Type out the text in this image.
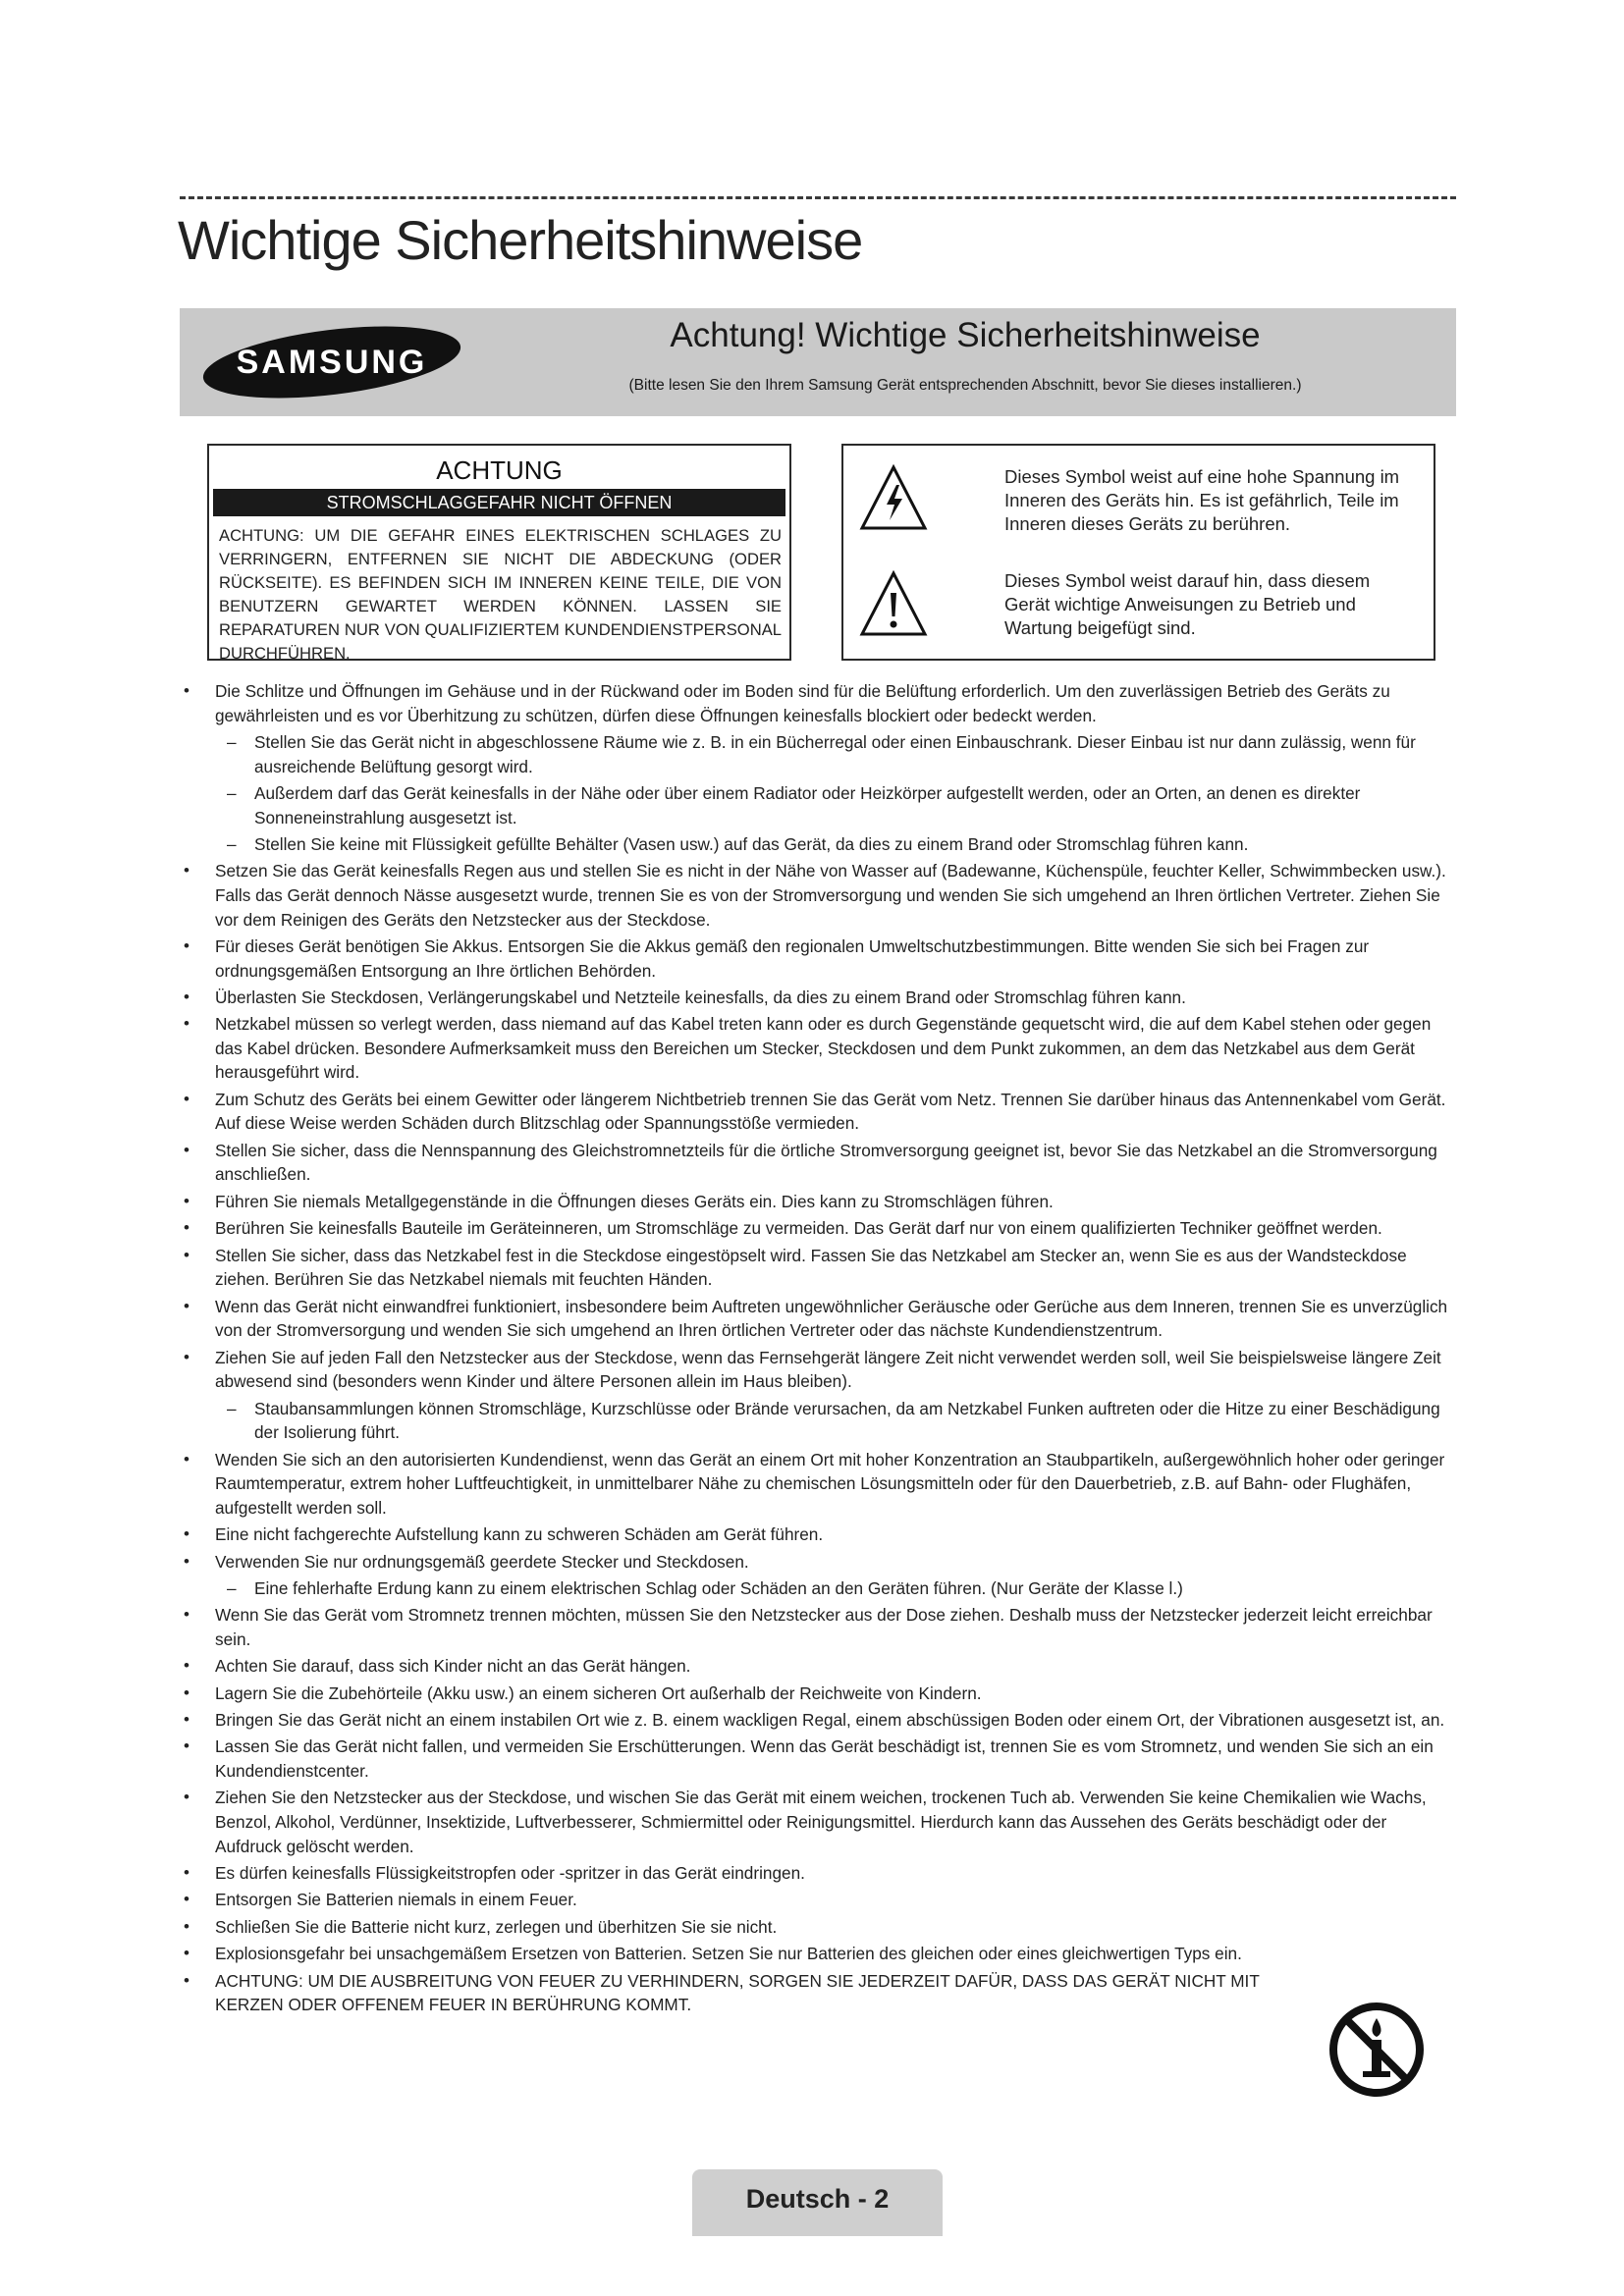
Wichtige Sicherheitshinweise
SAMSUNG
Achtung! Wichtige Sicherheitshinweise
(Bitte lesen Sie den Ihrem Samsung Gerät entsprechenden Abschnitt, bevor Sie dieses installieren.)
ACHTUNG
STROMSCHLAGGEFAHR NICHT ÖFFNEN
ACHTUNG: UM DIE GEFAHR EINES ELEKTRISCHEN SCHLAGES ZU VERRINGERN, ENTFERNEN SIE NICHT DIE ABDECKUNG (ODER RÜCKSEITE). ES BEFINDEN SICH IM INNEREN KEINE TEILE, DIE VON BENUTZERN GEWARTET WERDEN KÖNNEN. LASSEN SIE REPARATUREN NUR VON QUALIFIZIERTEM KUNDENDIENSTPERSONAL DURCHFÜHREN.
Dieses Symbol weist auf eine hohe Spannung im Inneren des Geräts hin. Es ist gefährlich, Teile im Inneren dieses Geräts zu berühren.
Dieses Symbol weist darauf hin, dass diesem Gerät wichtige Anweisungen zu Betrieb und Wartung beigefügt sind.
• Die Schlitze und Öffnungen im Gehäuse und in der Rückwand oder im Boden sind für die Belüftung erforderlich. Um den zuverlässigen Betrieb des Geräts zu gewährleisten und es vor Überhitzung zu schützen, dürfen diese Öffnungen keinesfalls blockiert oder bedeckt werden.
– Stellen Sie das Gerät nicht in abgeschlossene Räume wie z. B. in ein Bücherregal oder einen Einbauschrank. Dieser Einbau ist nur dann zulässig, wenn für ausreichende Belüftung gesorgt wird.
– Außerdem darf das Gerät keinesfalls in der Nähe oder über einem Radiator oder Heizkörper aufgestellt werden, oder an Orten, an denen es direkter Sonneneinstrahlung ausgesetzt ist.
– Stellen Sie keine mit Flüssigkeit gefüllte Behälter (Vasen usw.) auf das Gerät, da dies zu einem Brand oder Stromschlag führen kann.
• Setzen Sie das Gerät keinesfalls Regen aus und stellen Sie es nicht in der Nähe von Wasser auf (Badewanne, Küchenspüle, feuchter Keller, Schwimmbecken usw.). Falls das Gerät dennoch Nässe ausgesetzt wurde, trennen Sie es von der Stromversorgung und wenden Sie sich umgehend an Ihren örtlichen Vertreter. Ziehen Sie vor dem Reinigen des Geräts den Netzstecker aus der Steckdose.
• Für dieses Gerät benötigen Sie Akkus. Entsorgen Sie die Akkus gemäß den regionalen Umweltschutzbestimmungen. Bitte wenden Sie sich bei Fragen zur ordnungsgemäßen Entsorgung an Ihre örtlichen Behörden.
• Überlasten Sie Steckdosen, Verlängerungskabel und Netzteile keinesfalls, da dies zu einem Brand oder Stromschlag führen kann.
• Netzkabel müssen so verlegt werden, dass niemand auf das Kabel treten kann oder es durch Gegenstände gequetscht wird, die auf dem Kabel stehen oder gegen das Kabel drücken. Besondere Aufmerksamkeit muss den Bereichen um Stecker, Steckdosen und dem Punkt zukommen, an dem das Netzkabel aus dem Gerät herausgeführt wird.
• Zum Schutz des Geräts bei einem Gewitter oder längerem Nichtbetrieb trennen Sie das Gerät vom Netz. Trennen Sie darüber hinaus das Antennenkabel vom Gerät. Auf diese Weise werden Schäden durch Blitzschlag oder Spannungsstöße vermieden.
• Stellen Sie sicher, dass die Nennspannung des Gleichstromnetzteils für die örtliche Stromversorgung geeignet ist, bevor Sie das Netzkabel an die Stromversorgung anschließen.
• Führen Sie niemals Metallgegenstände in die Öffnungen dieses Geräts ein. Dies kann zu Stromschlägen führen.
• Berühren Sie keinesfalls Bauteile im Geräteinneren, um Stromschläge zu vermeiden. Das Gerät darf nur von einem qualifizierten Techniker geöffnet werden.
• Stellen Sie sicher, dass das Netzkabel fest in die Steckdose eingestöpselt wird. Fassen Sie das Netzkabel am Stecker an, wenn Sie es aus der Wandsteckdose ziehen. Berühren Sie das Netzkabel niemals mit feuchten Händen.
• Wenn das Gerät nicht einwandfrei funktioniert, insbesondere beim Auftreten ungewöhnlicher Geräusche oder Gerüche aus dem Inneren, trennen Sie es unverzüglich von der Stromversorgung und wenden Sie sich umgehend an Ihren örtlichen Vertreter oder das nächste Kundendienstzentrum.
• Ziehen Sie auf jeden Fall den Netzstecker aus der Steckdose, wenn das Fernsehgerät längere Zeit nicht verwendet werden soll, weil Sie beispielsweise längere Zeit abwesend sind (besonders wenn Kinder und ältere Personen allein im Haus bleiben).
– Staubansammlungen können Stromschläge, Kurzschlüsse oder Brände verursachen, da am Netzkabel Funken auftreten oder die Hitze zu einer Beschädigung der Isolierung führt.
• Wenden Sie sich an den autorisierten Kundendienst, wenn das Gerät an einem Ort mit hoher Konzentration an Staubpartikeln, außergewöhnlich hoher oder geringer Raumtemperatur, extrem hoher Luftfeuchtigkeit, in unmittelbarer Nähe zu chemischen Lösungsmitteln oder für den Dauerbetrieb, z.B. auf Bahn- oder Flughäfen, aufgestellt werden soll.
• Eine nicht fachgerechte Aufstellung kann zu schweren Schäden am Gerät führen.
• Verwenden Sie nur ordnungsgemäß geerdete Stecker und Steckdosen.
– Eine fehlerhafte Erdung kann zu einem elektrischen Schlag oder Schäden an den Geräten führen. (Nur Geräte der Klasse l.)
• Wenn Sie das Gerät vom Stromnetz trennen möchten, müssen Sie den Netzstecker aus der Dose ziehen. Deshalb muss der Netzstecker jederzeit leicht erreichbar sein.
• Achten Sie darauf, dass sich Kinder nicht an das Gerät hängen.
• Lagern Sie die Zubehörteile (Akku usw.) an einem sicheren Ort außerhalb der Reichweite von Kindern.
• Bringen Sie das Gerät nicht an einem instabilen Ort wie z. B. einem wackligen Regal, einem abschüssigen Boden oder einem Ort, der Vibrationen ausgesetzt ist, an.
• Lassen Sie das Gerät nicht fallen, und vermeiden Sie Erschütterungen. Wenn das Gerät beschädigt ist, trennen Sie es vom Stromnetz, und wenden Sie sich an ein Kundendienstcenter.
• Ziehen Sie den Netzstecker aus der Steckdose, und wischen Sie das Gerät mit einem weichen, trockenen Tuch ab. Verwenden Sie keine Chemikalien wie Wachs, Benzol, Alkohol, Verdünner, Insektizide, Luftverbesserer, Schmiermittel oder Reinigungsmittel. Hierdurch kann das Aussehen des Geräts beschädigt oder der Aufdruck gelöscht werden.
• Es dürfen keinesfalls Flüssigkeitstropfen oder -spritzer in das Gerät eindringen.
• Entsorgen Sie Batterien niemals in einem Feuer.
• Schließen Sie die Batterie nicht kurz, zerlegen und überhitzen Sie sie nicht.
• Explosionsgefahr bei unsachgemäßem Ersetzen von Batterien. Setzen Sie nur Batterien des gleichen oder eines gleichwertigen Typs ein.
• ACHTUNG: UM DIE AUSBREITUNG VON FEUER ZU VERHINDERN, SORGEN SIE JEDERZEIT DAFÜR, DASS DAS GERÄT NICHT MIT KERZEN ODER OFFENEM FEUER IN BERÜHRUNG KOMMT.
Deutsch - 2
